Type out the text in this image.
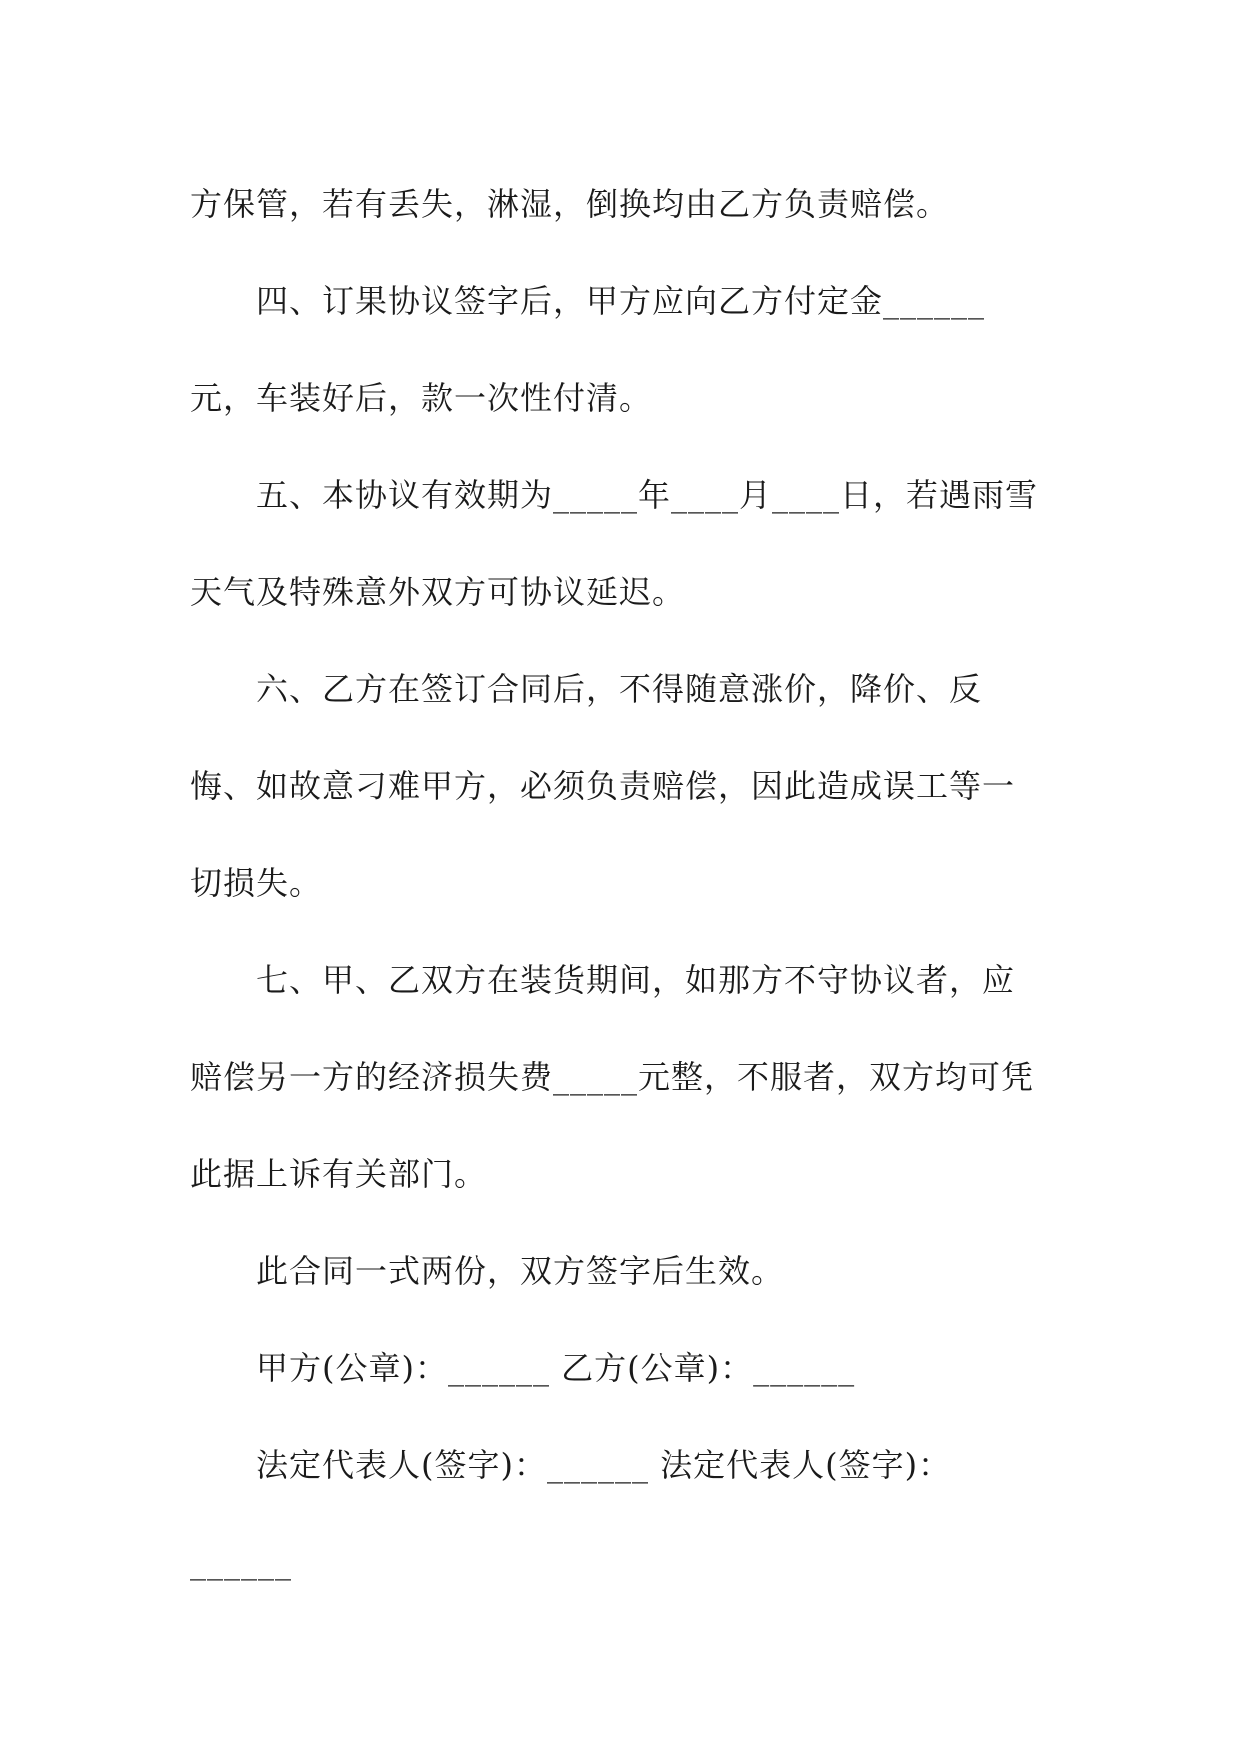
方保管，若有丢失，淋湿，倒换均由乙方负责赔偿。
四、订果协议签字后，甲方应向乙方付定金______
元，车装好后，款一次性付清。
五、本协议有效期为_____年____月____日，若遇雨雪
天气及特殊意外双方可协议延迟。
六、乙方在签订合同后，不得随意涨价，降价、反
悔、如故意刁难甲方，必须负责赔偿，因此造成误工等一
切损失。
七、甲、乙双方在装货期间，如那方不守协议者，应
赔偿另一方的经济损失费_____元整，不服者，双方均可凭
此据上诉有关部门。
此合同一式两份，双方签字后生效。
甲方(公章)：______ 乙方(公章)：______
法定代表人(签字)：______ 法定代表人(签字)：
______
